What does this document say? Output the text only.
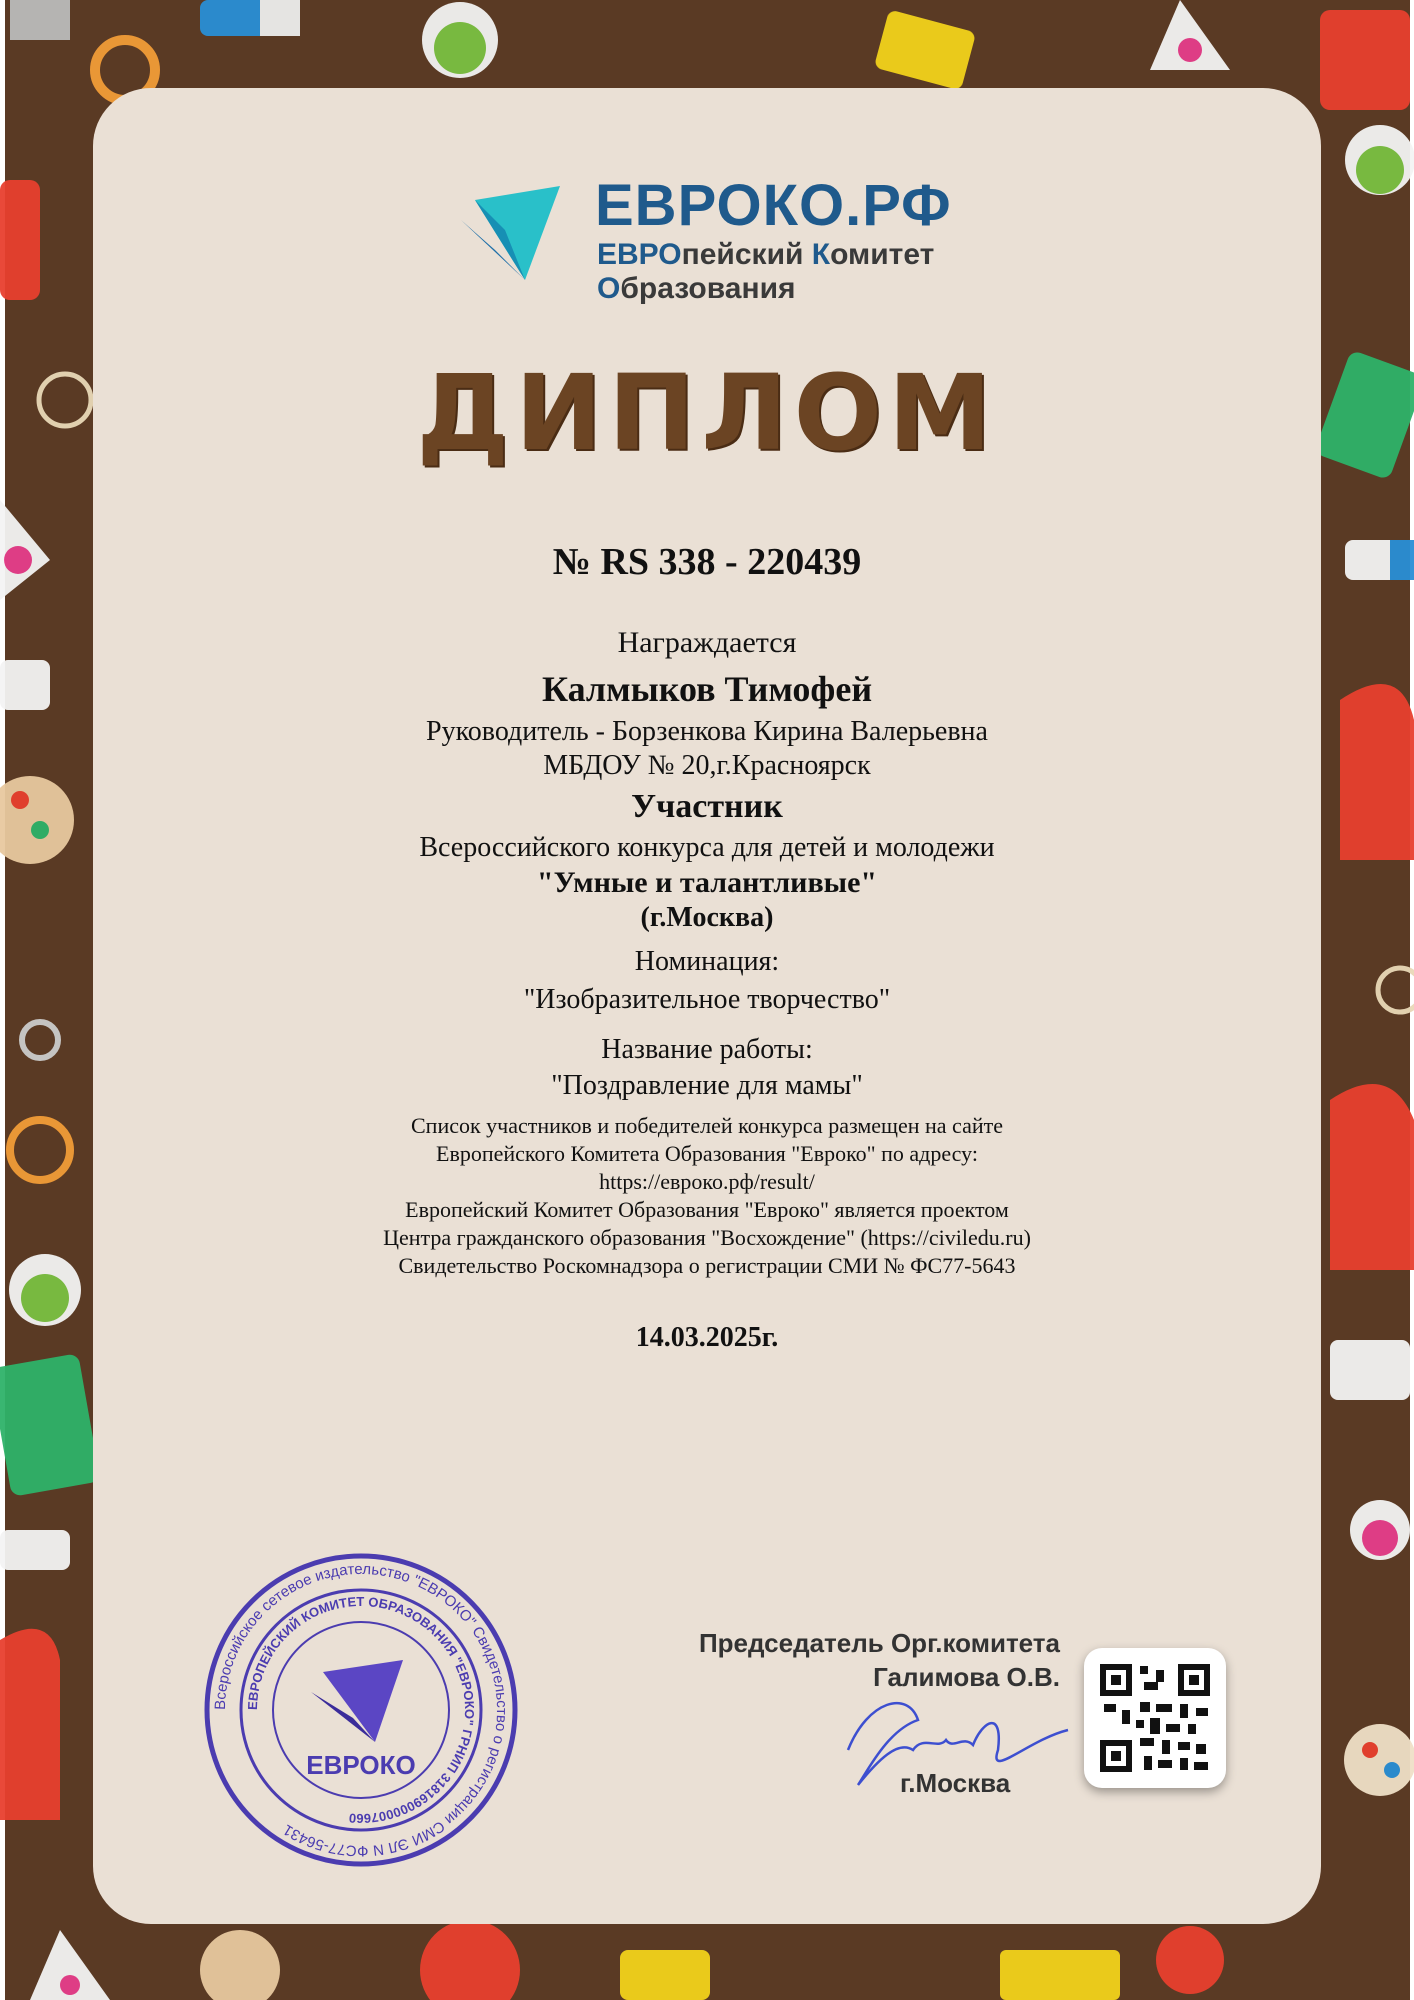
ЕВРОКО.РФ
ЕВРОпейский Комитет
Образования
ДИПЛОМ
№ RS 338 - 220439
Награждается
Калмыков Тимофей
Руководитель - Борзенкова Кирина Валерьевна
МБДОУ № 20,г.Красноярск
Участник
Всероссийского конкурса для детей и молодежи
"Умные и талантливые"
(г.Москва)
Номинация:
"Изобразительное творчество"
Название работы:
"Поздравление для мамы"
Список участников и победителей конкурса размещен на сайте
Европейского Комитета Образования "Евроко" по адресу:
https://евроко.рф/result/
Европейский Комитет Образования "Евроко" является проектом
Центра гражданского образования "Восхождение" (https://civiledu.ru)
Свидетельство Роскомнадзора о регистрации СМИ № ФС77-5643
14.03.2025г.
Всероссийское сетевое издательство "ЕВРОКО" Свидетельство о регистрации СМИ ЭЛ N ФС77-56431
ЕВРОПЕЙСКИЙ КОМИТЕТ ОБРАЗОВАНИЯ "ЕВРОКО" ГРНИП 318169000007660
ЕВРОКО
Председатель Орг.комитета
Галимова О.В.
г.Москва
